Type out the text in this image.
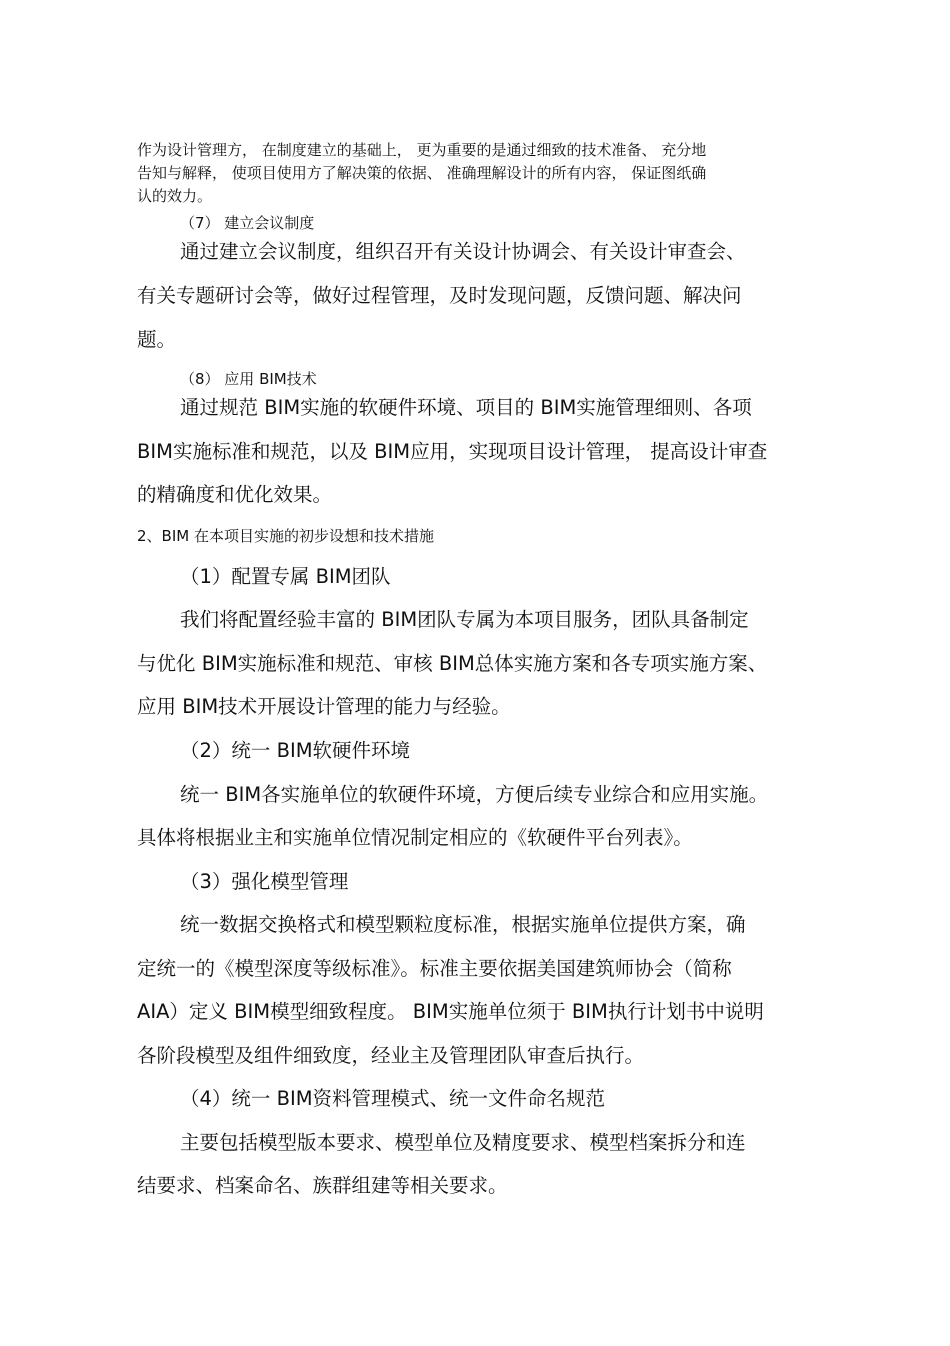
作为设计管理方， 在制度建立的基础上， 更为重要的是通过细致的技术准备、 充分地
告知与解释， 使项目使用方了解决策的依据、 准确理解设计的所有内容， 保证图纸确
认的效力。
（7） 建立会议制度
通过建立会议制度，组织召开有关设计协调会、有关设计审查会、
有关专题研讨会等，做好过程管理，及时发现问题，反馈问题、解决问
题。
（8） 应用 BIM技术
通过规范 BIM实施的软硬件环境、项目的 BIM实施管理细则、各项
BIM实施标准和规范，以及 BIM应用，实现项目设计管理， 提高设计审查
的精确度和优化效果。
2、BIM 在本项目实施的初步设想和技术措施
（1）配置专属 BIM团队
我们将配置经验丰富的 BIM团队专属为本项目服务，团队具备制定
与优化 BIM实施标准和规范、审核 BIM总体实施方案和各专项实施方案、
应用 BIM技术开展设计管理的能力与经验。
（2）统一 BIM软硬件环境
统一 BIM各实施单位的软硬件环境，方便后续专业综合和应用实施。
具体将根据业主和实施单位情况制定相应的《软硬件平台列表》。
（3）强化模型管理
统一数据交换格式和模型颗粒度标准，根据实施单位提供方案，确
定统一的《模型深度等级标准》。标准主要依据美国建筑师协会（简称
AIA）定义 BIM模型细致程度。 BIM实施单位须于 BIM执行计划书中说明
各阶段模型及组件细致度，经业主及管理团队审查后执行。
（4）统一 BIM资料管理模式、统一文件命名规范
主要包括模型版本要求、模型单位及精度要求、模型档案拆分和连
结要求、档案命名、族群组建等相关要求。
